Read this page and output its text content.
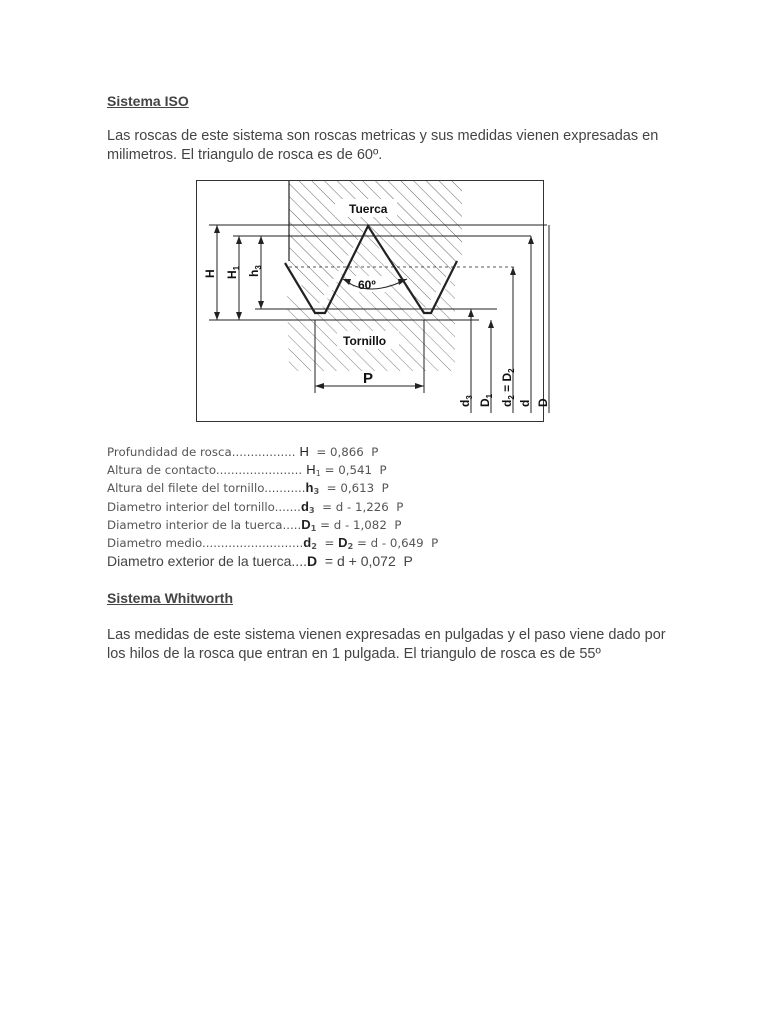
Sistema ISO
Las roscas de este sistema son roscas metricas y sus medidas vienen expresadas en milimetros. El triangulo de rosca es de 60º.
Profundidad de rosca................. H  = 0,866  P
Altura de contacto....................... $H_1 = 0,541$  P
Altura del filete del $tornillo...........h_3 = 0,613$  P
Diametro interior del $tornillo.......d_3 = d - 1,226$  P
Diametro interior de la $tuerca.....D_1 = d - 1,082$  P
Diametro $medio...........................d_2 = D_2 = d - 0,649$  P
Diametro exterior de la tuerca....D  = d + 0,072  P
Sistema Whitworth
Las medidas de este sistema vienen expresadas en pulgadas y el paso viene dado por los hilos de la rosca que entran en 1 pulgada. El triangulo de rosca es de 55º
Tuerca
Tornillo
60º
P
H $H_1$
$h_3$
$d_3$
$D_1$
$d_2 = D_2$
d D
